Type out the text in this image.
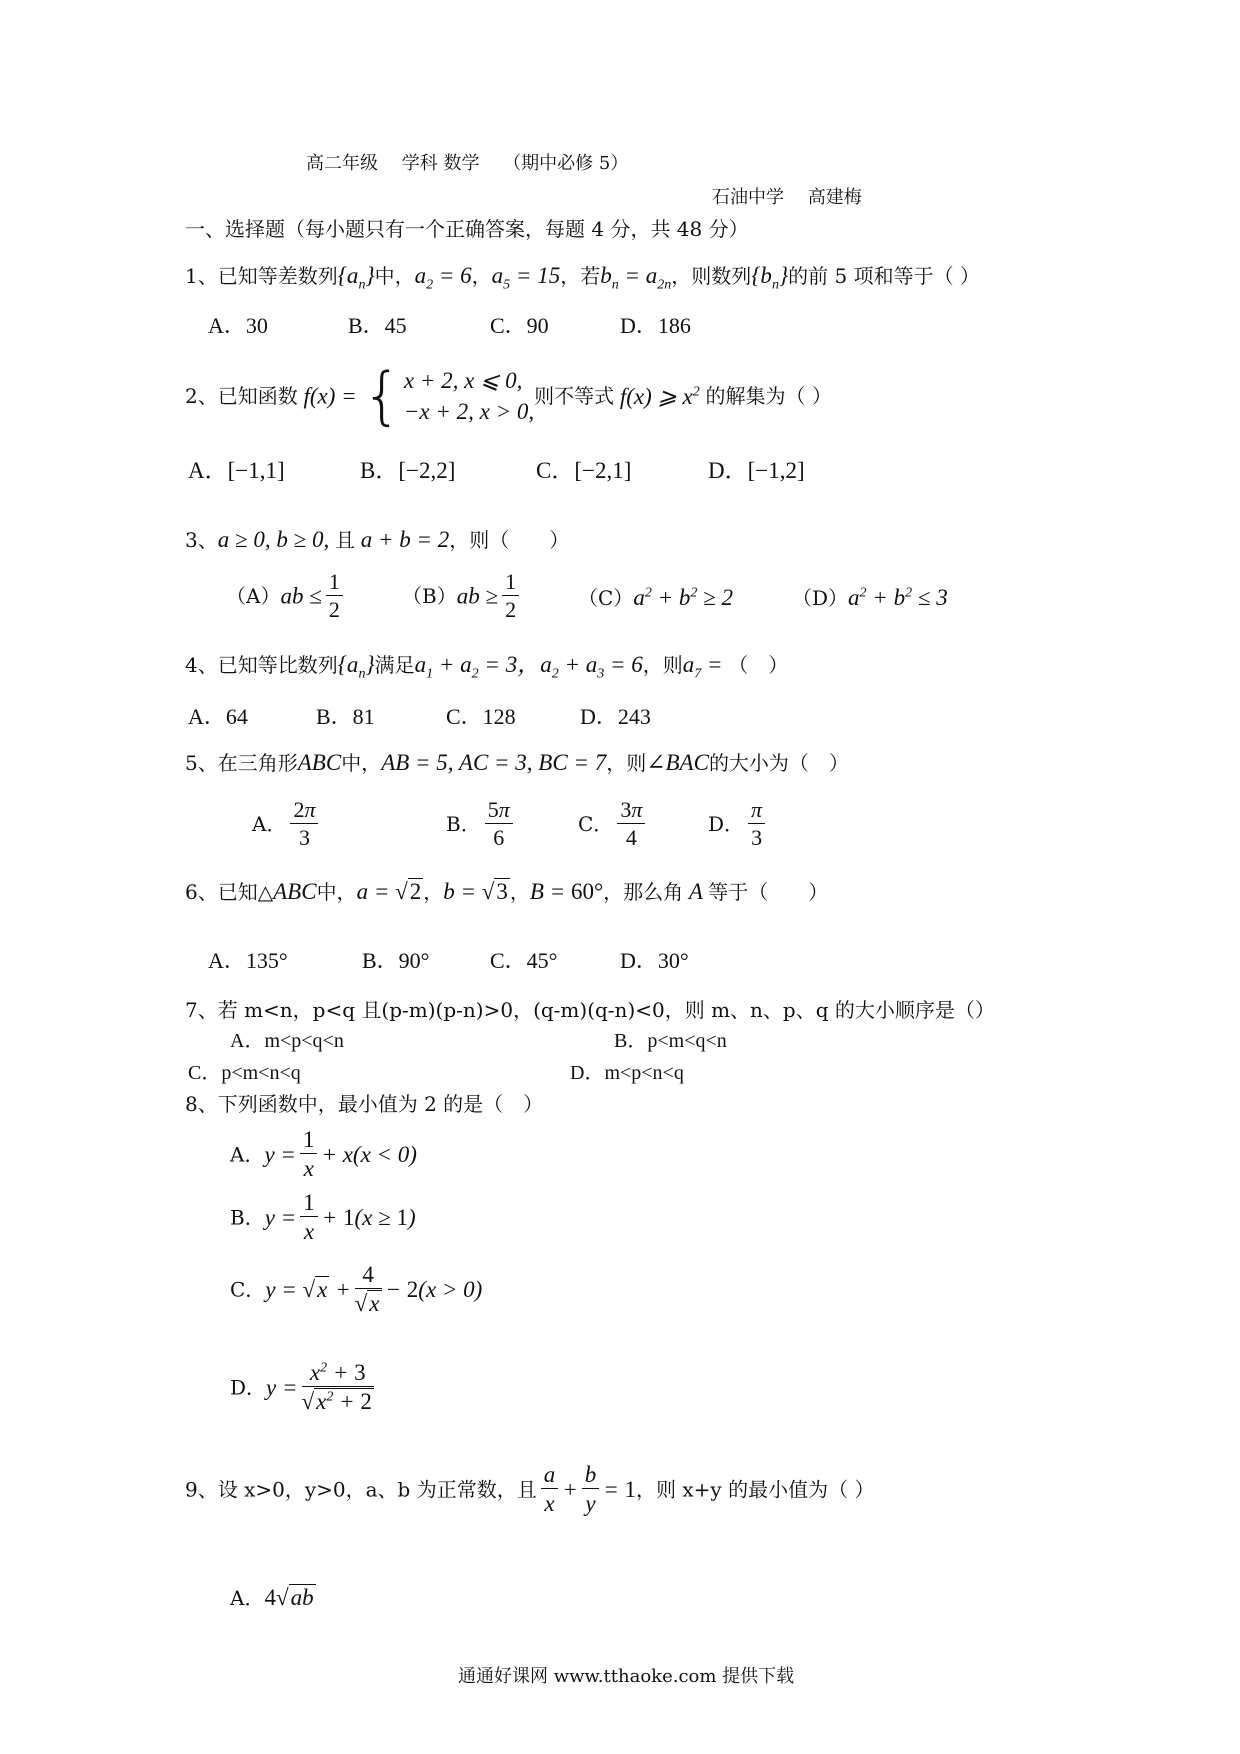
高二年级　 学科 数学　 （期中必修 5）
石油中学　 高建梅
一、选择题（每小题只有一个正确答案，每题 4 分，共 48 分）
1、已知等差数列$\{a_n\}$中，$a_2 = 6$，$a_5 = 15$，若$b_n = a_{2n}$，则数列$\{b_n\}$的前 5 项和等于（ ）
A．30	B．45	C．90	D．186
2、已知函数 f(x) = { x + 2, x ⩽ 0,
−x + 2, x > 0,
则不等式 f(x) ⩾ $x^2$ 的解集为（ ）
A．[−1,1]	B．[−2,2]	C．[−2,1]	D．[−1,2]
3、a ≥ 0, b ≥ 0, 且 a + b = 2，则（　　）
$(A)ab \le \frac{1}{2}$	$(B)ab \ge \frac{1}{2}$	$(C)a^2 + b^2 \ge 2$	$(D)a^2 + b^2 \le 3$
4、已知等比数列$\{a_n\}$满足$a_1 + a_2 = 3$，$a_2 + a_3 = 6$，则$a_7$ = （　）
A．64	B．81	C．128	D．243
5、在三角形ABC中，AB = 5, AC = 3, BC = 7，则∠BAC的大小为（　）
A． $\frac{2\pi}{3}$	B． $\frac{5\pi}{6}$	C． $\frac{3\pi}{4}$	D． $\frac{\pi}{3}$
6、已知△ABC中，a = √2 ，b = √3 ，B = 60°，那么角 A 等于（　　）
A．135°	B．90°	C．45°	D．30°
7、若 m<n，p<q 且(p-m)(p-n)>0，(q-m)(q-n)<0，则 m、n、p、q 的大小顺序是（）
A．m<p<q<n	B．p<m<q<n
C．p<m<n<q	D．m<p<n<q
8、下列函数中，最小值为 2 的是（　）
A．$y = \frac{1}{x} + x(x < 0)$
B．$y = \frac{1}{x} + 1(x \ge 1)$
C．$y = √x + \frac{4}{√x} - 2(x > 0)$
D．$y = \frac{x^2 + 3}{√x^2 + 2}$
9、设 x>0，y>0，a、b 为正常数，且 $\frac{a}{x} + \frac{b}{y} = 1$，则 x+y 的最小值为（ ）
A．4√ab
通通好课网 www.tthaoke.com 提供下载
